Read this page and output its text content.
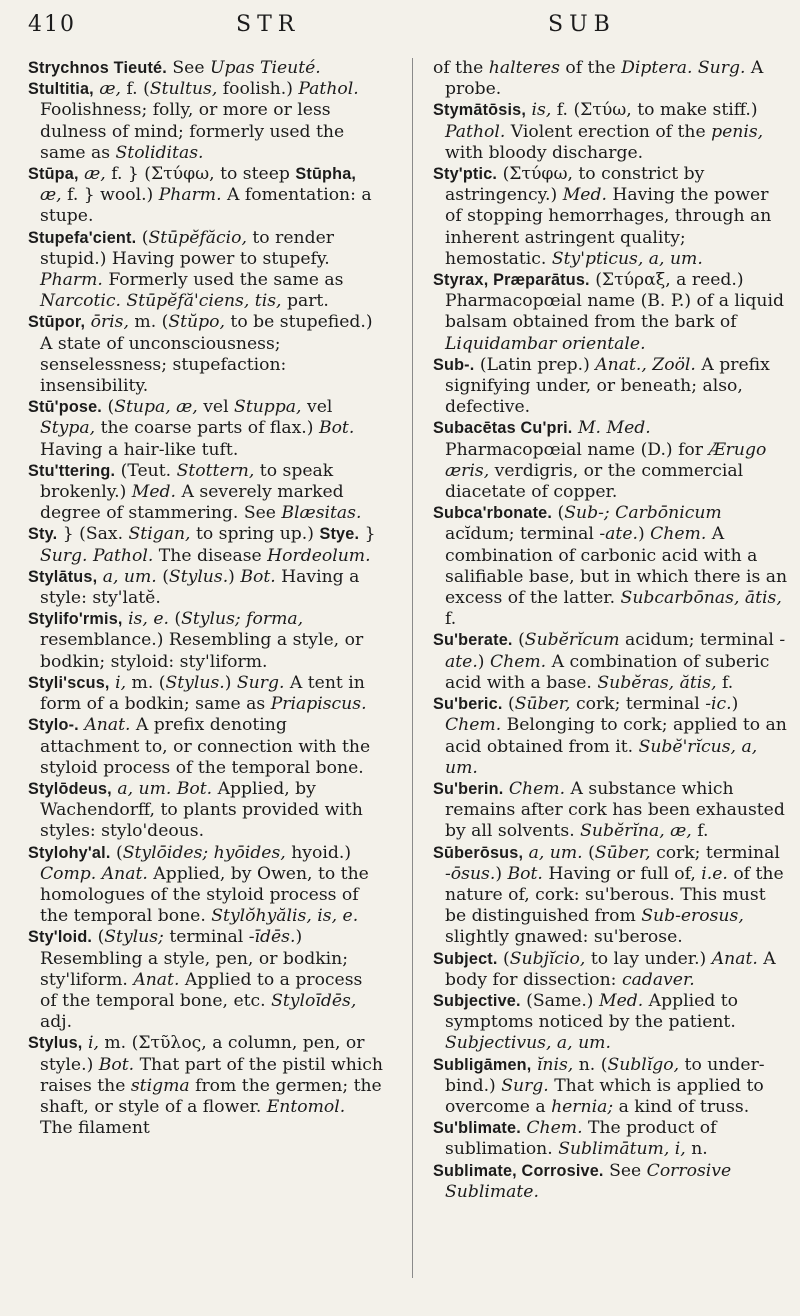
410	STR	SUB

Strychnos Tieuté. See Upas Tieuté.

Stultitia, æ, f. (Stultus, foolish.) Pathol. Foolishness; folly, or more or less dulness of mind; formerly used the same as Stoliditas.

Stūpa, æ, f. } (Στύφω, to steep Stūpha, æ, f. } wool.) Pharm. A fomentation: a stupe.

Stupefa'cient. (Stūpĕfăcio, to render stupid.) Having power to stupefy. Pharm. Formerly used the same as Narcotic. Stūpĕfă'ciens, tis, part.

Stūpor, ōris, m. (Stŭpo, to be stupefied.) A state of unconsciousness; senselessness; stupefaction: insensibility.

Stū'pose. (Stupa, æ, vel Stuppa, vel Stypa, the coarse parts of flax.) Bot. Having a hair-like tuft.

Stu'ttering. (Teut. Stottern, to speak brokenly.) Med. A severely marked degree of stammering. See Blæsitas.

Sty. } (Sax. Stigan, to spring up.) Stye. } Surg. Pathol. The disease Hordeolum.

Stylātus, a, um. (Stylus.) Bot. Having a style: sty'latĕ.

Stylifo'rmis, is, e. (Stylus; forma, resemblance.) Resembling a style, or bodkin; styloid: sty'liform.

Styli'scus, i, m. (Stylus.) Surg. A tent in form of a bodkin; same as Priapiscus.

Stylo-. Anat. A prefix denoting attachment to, or connection with the styloid process of the temporal bone.

Stylōdeus, a, um. Bot. Applied, by Wachendorff, to plants provided with styles: stylo'deous.

Stylohy'al. (Stylōides; hyōides, hyoid.) Comp. Anat. Applied, by Owen, to the homologues of the styloid process of the temporal bone. Stylŏhyălis, is, e.

Sty'loid. (Stylus; terminal -īdēs.) Resembling a style, pen, or bodkin; sty'liform. Anat. Applied to a process of the temporal bone, etc. Styloīdēs, adj.

Stylus, i, m. (Στῦλος, a column, pen, or style.) Bot. That part of the pistil which raises the stigma from the germen; the shaft, or style of a flower. Entomol. The filament

of the halteres of the Diptera. Surg. A probe.

Stymātōsis, is, f. (Στύω, to make stiff.) Pathol. Violent erection of the penis, with bloody discharge.

Sty'ptic. (Στύφω, to constrict by astringency.) Med. Having the power of stopping hemorrhages, through an inherent astringent quality; hemostatic. Sty'pticus, a, um.

Styrax, Præparātus. (Στύραξ, a reed.) Pharmacopœial name (B. P.) of a liquid balsam obtained from the bark of Liquidambar orientale.

Sub-. (Latin prep.) Anat., Zoöl. A prefix signifying under, or beneath; also, defective.

Subacētas Cu'pri. M. Med. Pharmacopœial name (D.) for Ærugo æris, verdigris, or the commercial diacetate of copper.

Subca'rbonate. (Sub-; Carbōnicum acĭdum; terminal -ate.) Chem. A combination of carbonic acid with a salifiable base, but in which there is an excess of the latter. Subcarbōnas, ātis, f.

Su'berate. (Subĕrĭcum acidum; terminal -ate.) Chem. A combination of suberic acid with a base. Subĕras, ătis, f.

Su'beric. (Sūber, cork; terminal -ic.) Chem. Belonging to cork; applied to an acid obtained from it. Subĕ'rĭcus, a, um.

Su'berin. Chem. A substance which remains after cork has been exhausted by all solvents. Subĕrĭna, æ, f.

Sūberōsus, a, um. (Sūber, cork; terminal -ōsus.) Bot. Having or full of, i.e. of the nature of, cork: su'berous. This must be distinguished from Sub-erosus, slightly gnawed: su'berose.

Subject. (Subjĭcio, to lay under.) Anat. A body for dissection: cadaver.

Subjective. (Same.) Med. Applied to symptoms noticed by the patient. Subjectivus, a, um.

Subligāmen, ĭnis, n. (Sublĭgo, to under-bind.) Surg. That which is applied to overcome a hernia; a kind of truss.

Su'blimate. Chem. The product of sublimation. Sublimātum, i, n.

Sublimate, Corrosive. See Corrosive Sublimate.
